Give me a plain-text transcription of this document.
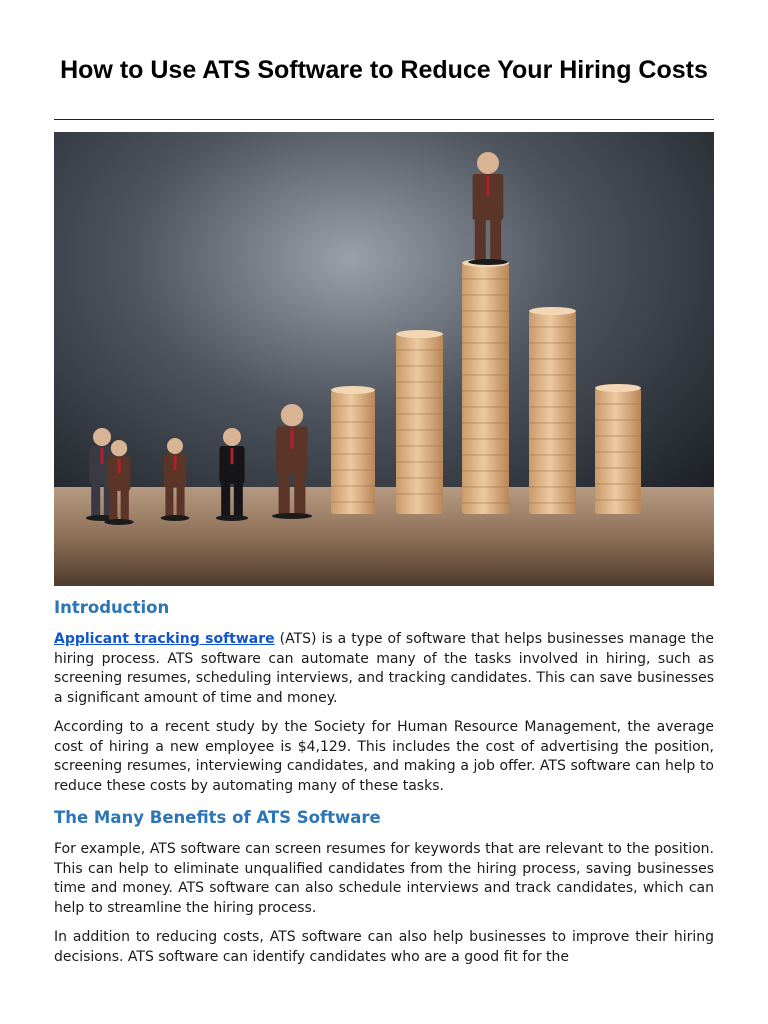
How to Use ATS Software to Reduce Your Hiring Costs
Introduction

Applicant tracking software (ATS) is a type of software that helps businesses manage the hiring process. ATS software can automate many of the tasks involved in hiring, such as screening resumes, scheduling interviews, and tracking candidates. This can save businesses a significant amount of time and money.

According to a recent study by the Society for Human Resource Management, the average cost of hiring a new employee is $4,129. This includes the cost of advertising the position, screening resumes, interviewing candidates, and making a job offer. ATS software can help to reduce these costs by automating many of these tasks.

The Many Benefits of ATS Software

For example, ATS software can screen resumes for keywords that are relevant to the position. This can help to eliminate unqualified candidates from the hiring process, saving businesses time and money. ATS software can also schedule interviews and track candidates, which can help to streamline the hiring process.

In addition to reducing costs, ATS software can also help businesses to improve their hiring decisions. ATS software can identify candidates who are a good fit for the
